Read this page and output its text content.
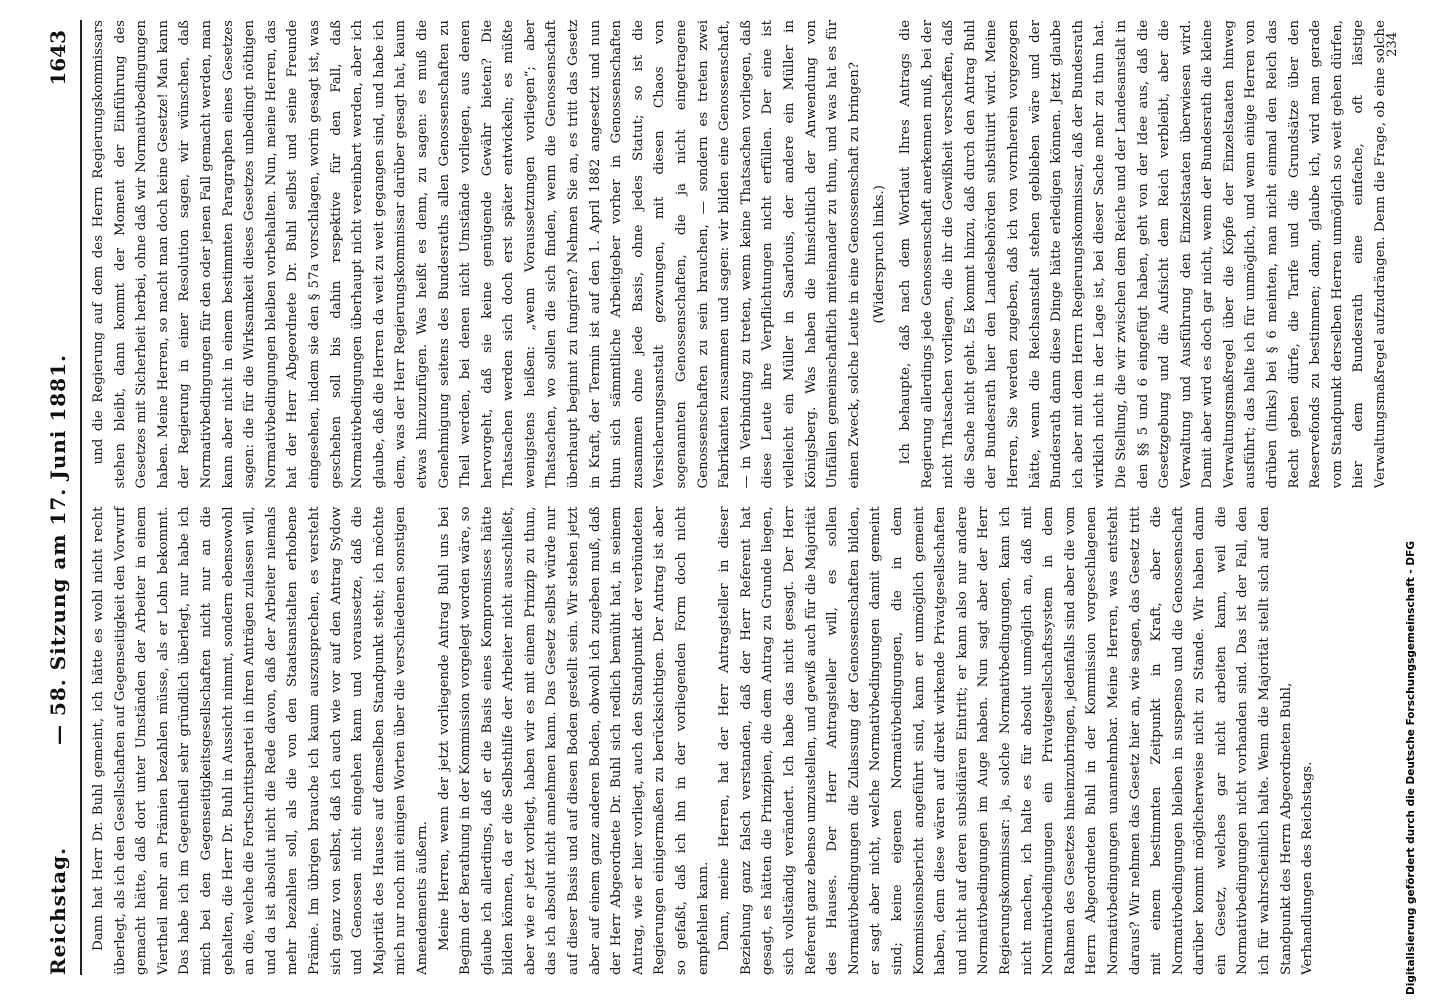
Reichstag.
— 58. Sitzung am 17. Juni 1881.
1643

Dann hat Herr Dr. Buhl gemeint, ich hätte es wohl nicht recht überlegt, als ich den Gesellschaften auf Gegenseitigkeit den Vorwurf gemacht hätte, daß dort unter Umständen der Arbeiter in einem Viertheil mehr an Prämien bezahlen müsse, als er Lohn bekommt. Das habe ich im Gegentheil sehr gründlich überlegt, nur habe ich mich bei den Gegenseitigkeitsgesellschaften nicht nur an die gehalten, die Herr Dr. Buhl in Aussicht nimmt, sondern ebensowohl an die, welche die Fortschrittspartei in ihren Anträgen zulassen will, und da ist absolut nicht die Rede davon, daß der Arbeiter niemals mehr bezahlen soll, als die von den Staatsanstalten erhobene Prämie. Im übrigen brauche ich kaum auszusprechen, es versteht sich ganz von selbst, daß ich auch wie vor auf den Antrag Sydow und Genossen nicht eingehen kann und voraussetze, daß die Majorität des Hauses auf demselben Standpunkt steht; ich möchte mich nur noch mit einigen Worten über die verschiedenen sonstigen Amendements äußern. Meine Herren, wenn der jetzt vorliegende Antrag Buhl uns bei Beginn der Berathung in der Kommission vorgelegt worden wäre, so glaube ich allerdings, daß er die Basis eines Kompromisses hätte bilden können, da er die Selbsthilfe der Arbeiter nicht ausschließt, aber wie er jetzt vorliegt, haben wir es mit einem Prinzip zu thun, das ich absolut nicht annehmen kann. Das Gesetz selbst würde nur auf dieser Basis und auf diesen Boden gestellt sein. Wir stehen jetzt aber auf einem ganz anderen Boden, obwohl ich zugeben muß, daß der Herr Abgeordnete Dr. Buhl sich redlich bemüht hat, in seinem Antrag, wie er hier vorliegt, auch den Standpunkt der verbündeten Regierungen einigermaßen zu berücksichtigen. Der Antrag ist aber so gefaßt, daß ich ihn in der vorliegenden Form doch nicht empfehlen kann. Dann, meine Herren, hat der Herr Antragsteller in dieser Beziehung ganz falsch verstanden, daß der Herr Referent hat gesagt, es hätten die Prinzipien, die dem Antrag zu Grunde liegen, sich vollständig verändert. Ich habe das nicht gesagt. Der Herr Referent ganz ebenso umzustellen, und gewiß auch für die Majorität des Hauses. Der Herr Antragsteller will, es sollen Normativbedingungen die Zulassung der Genossenschaften bilden, er sagt aber nicht, welche Normativbedingungen damit gemeint sind; keine eigenen Normativbedingungen, die in dem Kommissionsbericht angeführt sind, kann er unmöglich gemeint haben, denn diese wären auf direkt wirkende Privatgesellschaften und nicht auf deren subsidiären Eintritt; er kann also nur andere Normativbedingungen im Auge haben. Nun sagt aber der Herr Regierungskommissar: ja, solche Normativbedingungen, kann ich nicht machen, ich halte es für absolut unmöglich an, daß mit Normativbedingungen ein Privatgesellschaftssystem in dem Rahmen des Gesetzes hineinzubringen, jedenfalls sind aber die vom Herrn Abgeordneten Buhl in der Kommission vorgeschlagenen Normativbedingungen unannehmbar. Meine Herren, was entsteht daraus? Wir nehmen das Gesetz hier an, wie sagen, das Gesetz tritt mit einem bestimmten Zeitpunkt in Kraft, aber die Normativbedingungen bleiben in suspenso und die Genossenschaft darüber kommt möglicherweise nicht zu Stande. Wir haben dann ein Gesetz, welches gar nicht arbeiten kann, weil die Normativbedingungen nicht vorhanden sind. Das ist der Fall, den ich für wahrscheinlich halte. Wenn die Majorität stellt sich auf den Standpunkt des Herrn Abgeordneten Buhl, Verhandlungen des Reichstags.

und die Regierung auf dem des Herrn Regierungskommissars stehen bleibt, dann kommt der Moment der Einführung des Gesetzes mit Sicherheit herbei, ohne daß wir Normativbedingungen haben. Meine Herren, so macht man doch keine Gesetze! Man kann der Regierung in einer Resolution sagen, wir wünschen, daß Normativbedingungen für den oder jenen Fall gemacht werden, man kann aber nicht in einem bestimmten Paragraphen eines Gesetzes sagen: die für die Wirksamkeit dieses Gesetzes unbedingt nöthigen Normativbedingungen bleiben vorbehalten. Nun, meine Herren, das hat der Herr Abgeordnete Dr. Buhl selbst und seine Freunde eingesehen, indem sie den § 57a vorschlagen, worin gesagt ist, was geschehen soll bis dahin respektive für den Fall, daß Normativbedingungen überhaupt nicht vereinbart werden, aber ich glaube, daß die Herren da weit zu weit gegangen sind, und habe ich dem, was der Herr Regierungskommissar darüber gesagt hat, kaum etwas hinzuzufügen. Was heißt es denn, zu sagen: es muß die Genehmigung seitens des Bundesraths allen Genossenschaften zu Theil werden, bei denen nicht Umstände vorliegen, aus denen hervorgeht, daß sie keine genügende Gewähr bieten? Die Thatsachen werden sich doch erst später entwickeln; es müßte wenigstens heißen: „wenn Voraussetzungen vorliegen“; aber Thatsachen, wo sollen die sich finden, wenn die Genossenschaft überhaupt beginnt zu fungiren? Nehmen Sie an, es tritt das Gesetz in Kraft, der Termin ist auf den 1. April 1882 angesetzt und nun thun sich sämmtliche Arbeitgeber vorher in Genossenschaften zusammen ohne jede Basis, ohne jedes Statut; so ist die Versicherungsanstalt gezwungen, mit diesen Chaos von sogenannten Genossenschaften, die ja nicht eingetragene Genossenschaften zu sein brauchen, — sondern es treten zwei Fabrikanten zusammen und sagen: wir bilden eine Genossenschaft, — in Verbindung zu treten, wenn keine Thatsachen vorliegen, daß diese Leute ihre Verpflichtungen nicht erfüllen. Der eine ist vielleicht ein Müller in Saarlouis, der andere ein Müller in Königsberg. Was haben die hinsichtlich der Anwendung von Unfällen gemeinschaftlich miteinander zu thun, und was hat es für einen Zweck, solche Leute in eine Genossenschaft zu bringen? (Widerspruch links.)

Ich behaupte, daß nach dem Wortlaut Ihres Antrags die Regierung allerdings jede Genossenschaft anerkennen muß, bei der nicht Thatsachen vorliegen, die ihr die Gewißheit verschaffen, daß die Sache nicht geht. Es kommt hinzu, daß durch den Antrag Buhl der Bundesrath hier den Landesbehörden substituirt wird. Meine Herren, Sie werden zugeben, daß ich von vornherein vorgezogen hätte, wenn die Reichsanstalt stehen geblieben wäre und der Bundesrath dann diese Dinge hätte erledigen können. Jetzt glaube ich aber mit dem Herrn Regierungskommissar, daß der Bundesrath wirklich nicht in der Lage ist, bei dieser Sache mehr zu thun hat. Die Stellung, die wir zwischen dem Reiche und der Landesanstalt in den §§ 5 und 6 eingefügt haben, geht von der Idee aus, daß die Gesetzgebung und die Aufsicht dem Reich verbleibt, aber die Verwaltung und Ausführung den Einzelstaaten überwiesen wird. Damit aber wird es doch gar nicht, wenn der Bundesrath die kleine Verwaltungsmaßregel über die Köpfe der Einzelstaaten hinweg ausführt; das halte ich für unmöglich, und wenn einige Herren von drüben (links) bei § 6 meinten, man nicht einmal den Reich das Recht geben dürfe, die Tarife und die Grundsätze über den Reservefonds zu bestimmen; dann, glaube ich, wird man gerade vom Standpunkt derselben Herren unmöglich so weit gehen dürfen, hier dem Bundesrath eine einfache, oft lästige Verwaltungsmaßregel aufzudrängen. Denn die Frage, ob eine solche

234
Digitalisierung gefördert durch die Deutsche Forschungsgemeinschaft - DFG
